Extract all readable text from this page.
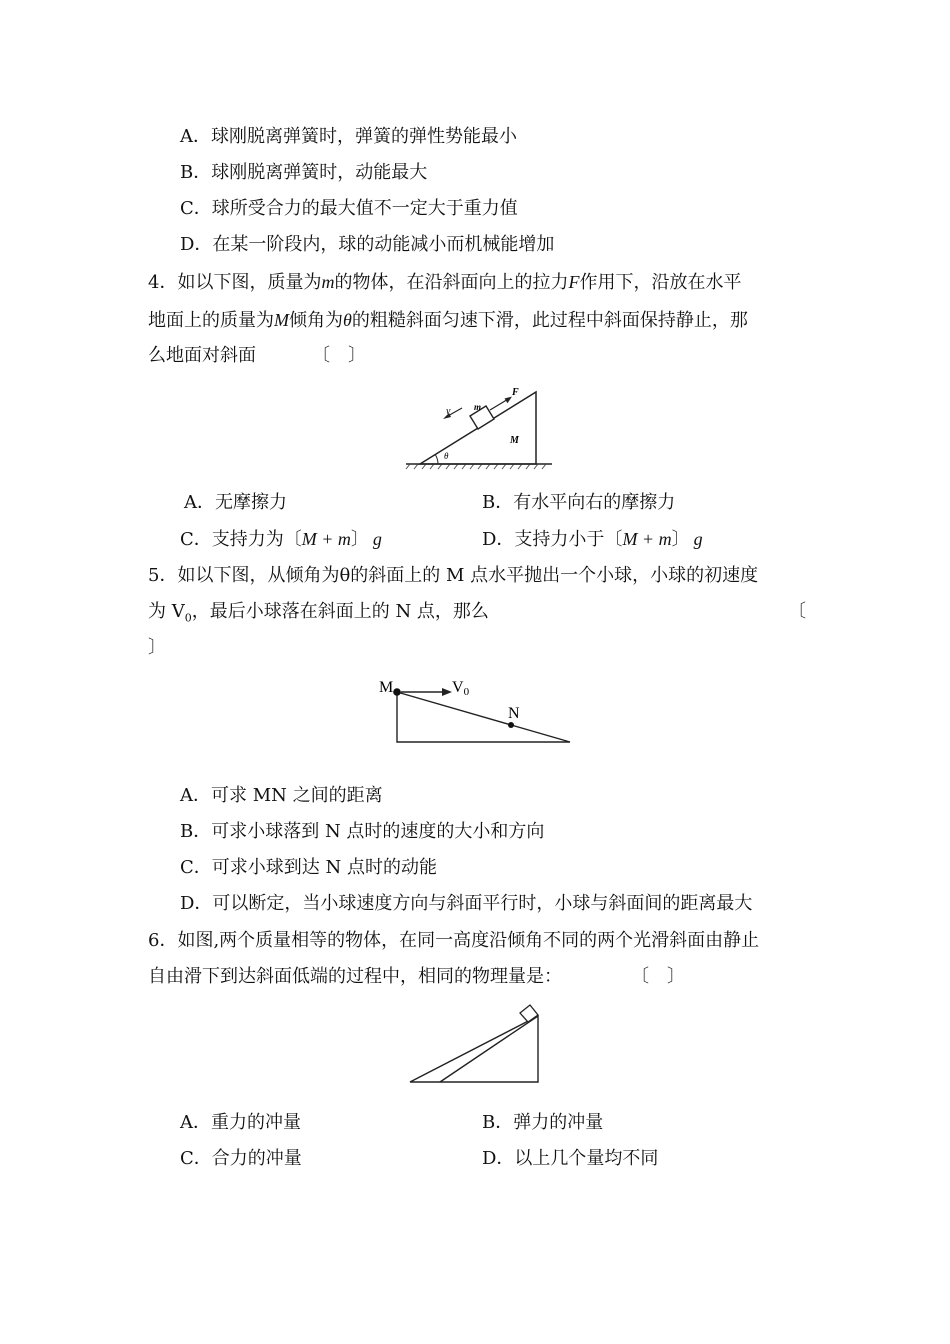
A．球刚脱离弹簧时，弹簧的弹性势能最小
B．球刚脱离弹簧时，动能最大
C．球所受合力的最大值不一定大于重力值
D．在某一阶段内，球的动能减小而机械能增加
4．如以下图，质量为m的物体，在沿斜面向上的拉力F作用下，沿放在水平
地面上的质量为M倾角为θ的粗糙斜面匀速下滑，此过程中斜面保持静止，那
么地面对斜面	〔　〕
v	m
F
M
θ
A．无摩擦力	B．有水平向右的摩擦力
C．支持力为〔M + m〕 g	D．支持力小于〔M + m〕 g
5．如以下图，从倾角为θ的斜面上的 M 点水平抛出一个小球，小球的初速度
为 $V_0$，最后小球落在斜面上的 N 点，那么	〔
〕
M	V0
N
A．可求 MN 之间的距离
B．可求小球落到 N 点时的速度的大小和方向
C．可求小球到达 N 点时的动能
D．可以断定，当小球速度方向与斜面平行时，小球与斜面间的距离最大
6．如图,两个质量相等的物体，在同一高度沿倾角不同的两个光滑斜面由静止
自由滑下到达斜面低端的过程中，相同的物理量是：	〔　〕
A．重力的冲量	B．弹力的冲量
C．合力的冲量	D．以上几个量均不同
